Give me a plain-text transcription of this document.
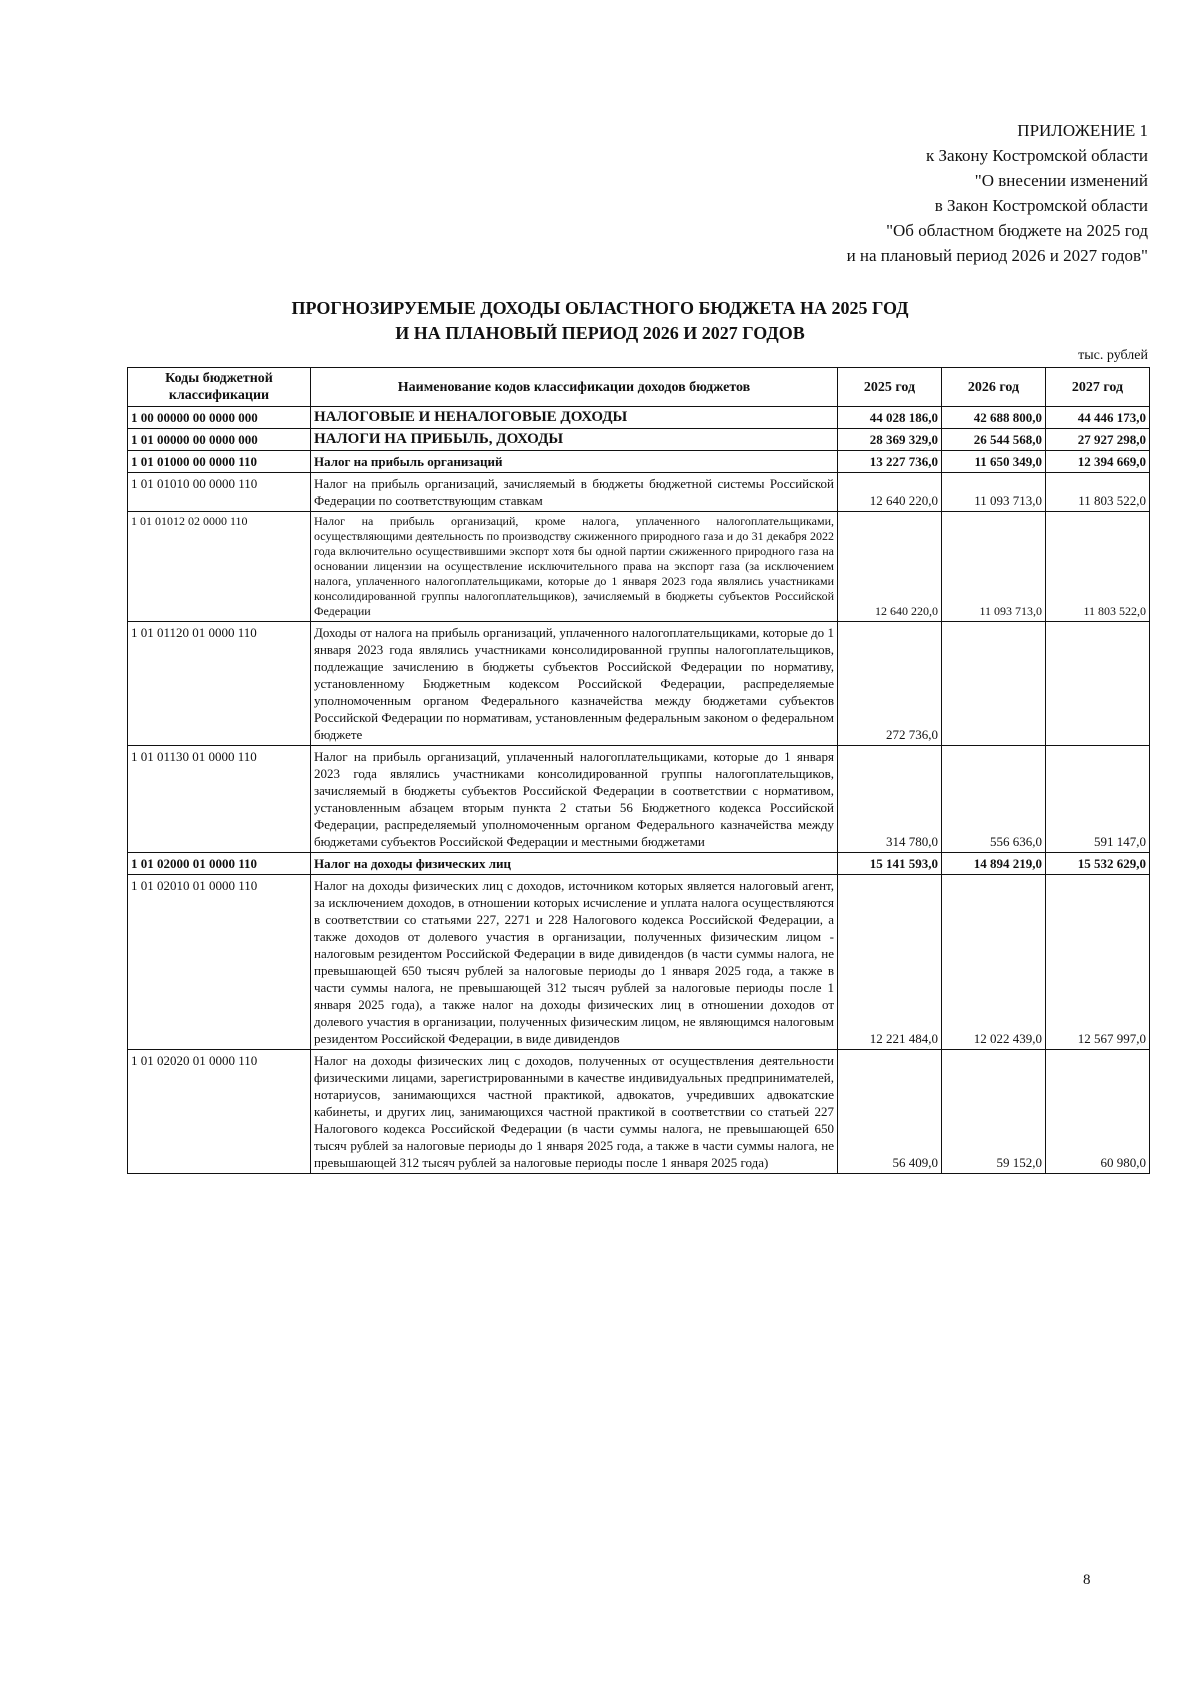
ПРИЛОЖЕНИЕ 1
к Закону Костромской области
"О внесении изменений
в Закон Костромской области
"Об областном бюджете на 2025 год
и на плановый период 2026 и 2027 годов"
ПРОГНОЗИРУЕМЫЕ ДОХОДЫ ОБЛАСТНОГО БЮДЖЕТА НА 2025 ГОД
И НА ПЛАНОВЫЙ ПЕРИОД 2026 И 2027 ГОДОВ
тыс. рублей
Коды бюджетной классификации	Наименование кодов классификации доходов бюджетов	2025 год	2026 год	2027 год
1 00 00000 00 0000 000	НАЛОГОВЫЕ И НЕНАЛОГОВЫЕ ДОХОДЫ	44 028 186,0	42 688 800,0	44 446 173,0
1 01 00000 00 0000 000	НАЛОГИ НА ПРИБЫЛЬ, ДОХОДЫ	28 369 329,0	26 544 568,0	27 927 298,0
1 01 01000 00 0000 110	Налог на прибыль организаций	13 227 736,0	11 650 349,0	12 394 669,0
1 01 01010 00 0000 110	Налог на прибыль организаций, зачисляемый в бюджеты бюджетной системы Российской Федерации по соответствующим ставкам	12 640 220,0	11 093 713,0	11 803 522,0
1 01 01012 02 0000 110	Налог на прибыль организаций, кроме налога, уплаченного налогоплательщиками, осуществляющими деятельность по производству сжиженного природного газа и до 31 декабря 2022 года включительно осуществившими экспорт хотя бы одной партии сжиженного природного газа на основании лицензии на осуществление исключительного права на экспорт газа (за исключением налога, уплаченного налогоплательщиками, которые до 1 января 2023 года являлись участниками консолидированной группы налогоплательщиков), зачисляемый в бюджеты субъектов Российской Федерации	12 640 220,0	11 093 713,0	11 803 522,0
1 01 01120 01 0000 110	Доходы от налога на прибыль организаций, уплаченного налогоплательщиками, которые до 1 января 2023 года являлись участниками консолидированной группы налогоплательщиков, подлежащие зачислению в бюджеты субъектов Российской Федерации по нормативу, установленному Бюджетным кодексом Российской Федерации, распределяемые уполномоченным органом Федерального казначейства между бюджетами субъектов Российской Федерации по нормативам, установленным федеральным законом о федеральном бюджете	272 736,0		
1 01 01130 01 0000 110	Налог на прибыль организаций, уплаченный налогоплательщиками, которые до 1 января 2023 года являлись участниками консолидированной группы налогоплательщиков, зачисляемый в бюджеты субъектов Российской Федерации в соответствии с нормативом, установленным абзацем вторым пункта 2 статьи 56 Бюджетного кодекса Российской Федерации, распределяемый уполномоченным органом Федерального казначейства между бюджетами субъектов Российской Федерации и местными бюджетами	314 780,0	556 636,0	591 147,0
1 01 02000 01 0000 110	Налог на доходы физических лиц	15 141 593,0	14 894 219,0	15 532 629,0
1 01 02010 01 0000 110	Налог на доходы физических лиц с доходов, источником которых является налоговый агент, за исключением доходов, в отношении которых исчисление и уплата налога осуществляются в соответствии со статьями 227, 2271 и 228 Налогового кодекса Российской Федерации, а также доходов от долевого участия в организации, полученных физическим лицом - налоговым резидентом Российской Федерации в виде дивидендов (в части суммы налога, не превышающей 650 тысяч рублей за налоговые периоды до 1 января 2025 года, а также в части суммы налога, не превышающей 312 тысяч рублей за налоговые периоды после 1 января 2025 года), а также налог на доходы физических лиц в отношении доходов от долевого участия в организации, полученных физическим лицом, не являющимся налоговым резидентом Российской Федерации, в виде дивидендов	12 221 484,0	12 022 439,0	12 567 997,0
1 01 02020 01 0000 110	Налог на доходы физических лиц с доходов, полученных от осуществления деятельности физическими лицами, зарегистрированными в качестве индивидуальных предпринимателей, нотариусов, занимающихся частной практикой, адвокатов, учредивших адвокатские кабинеты, и других лиц, занимающихся частной практикой в соответствии со статьей 227 Налогового кодекса Российской Федерации (в части суммы налога, не превышающей 650 тысяч рублей за налоговые периоды до 1 января 2025 года, а также в части суммы налога, не превышающей 312 тысяч рублей за налоговые периоды после 1 января 2025 года)	56 409,0	59 152,0	60 980,0
8
